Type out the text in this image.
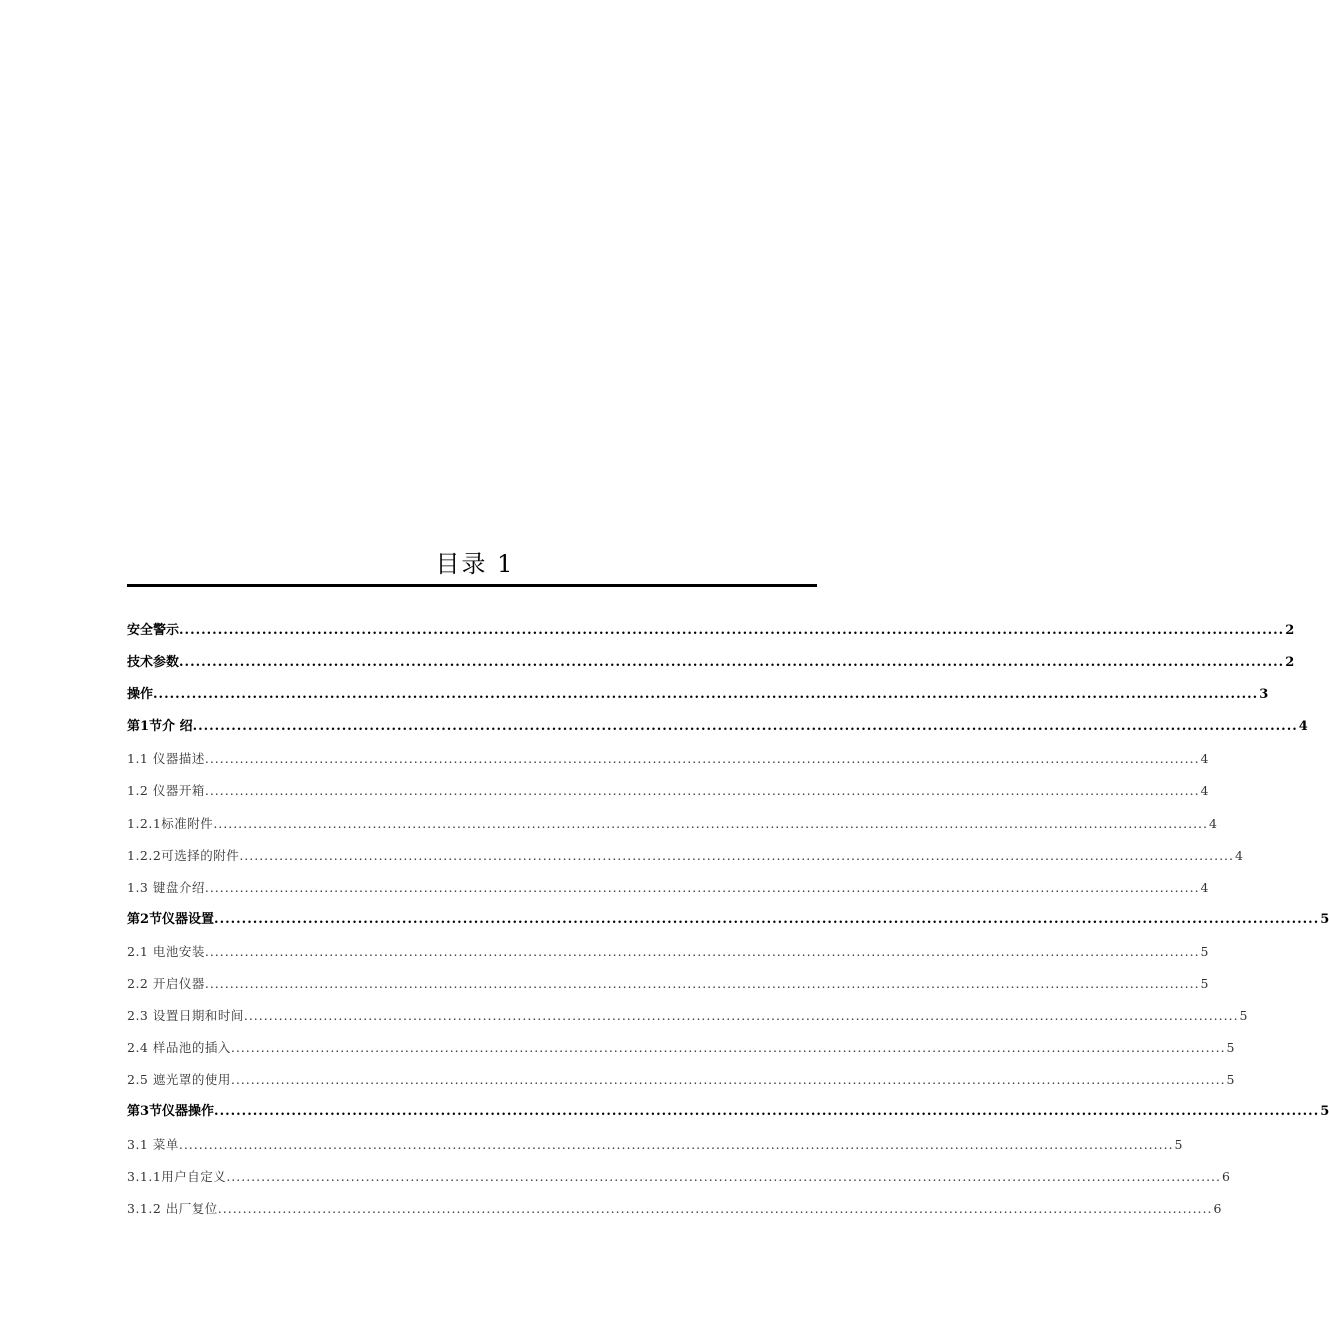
目录 1
安全警示 ........................................................................................................................................................................................................ 2
技术参数 ........................................................................................................................................................................................................ 2
操作 ........................................................................................................................................................................................................ 3
第1节介 绍 ........................................................................................................................................................................................................ 4
1.1 仪器描述 ........................................................................................................................................................................................................ 4
1.2 仪器开箱 ........................................................................................................................................................................................................ 4
1.2.1标准附件 ........................................................................................................................................................................................................ 4
1.2.2可选择的附件 ........................................................................................................................................................................................................ 4
1.3 键盘介绍 ........................................................................................................................................................................................................ 4
第2节仪器设置 ........................................................................................................................................................................................................ 5
2.1 电池安装 ........................................................................................................................................................................................................ 5
2.2 开启仪器 ........................................................................................................................................................................................................ 5
2.3 设置日期和时间 ........................................................................................................................................................................................................ 5
2.4 样品池的插入 ........................................................................................................................................................................................................ 5
2.5 遮光罩的使用 ........................................................................................................................................................................................................ 5
第3节仪器操作 ........................................................................................................................................................................................................ 5
3.1 菜单 ........................................................................................................................................................................................................ 5
3.1.1用户自定义 ........................................................................................................................................................................................................ 6
3.1.2 出厂复位 ........................................................................................................................................................................................................ 6
